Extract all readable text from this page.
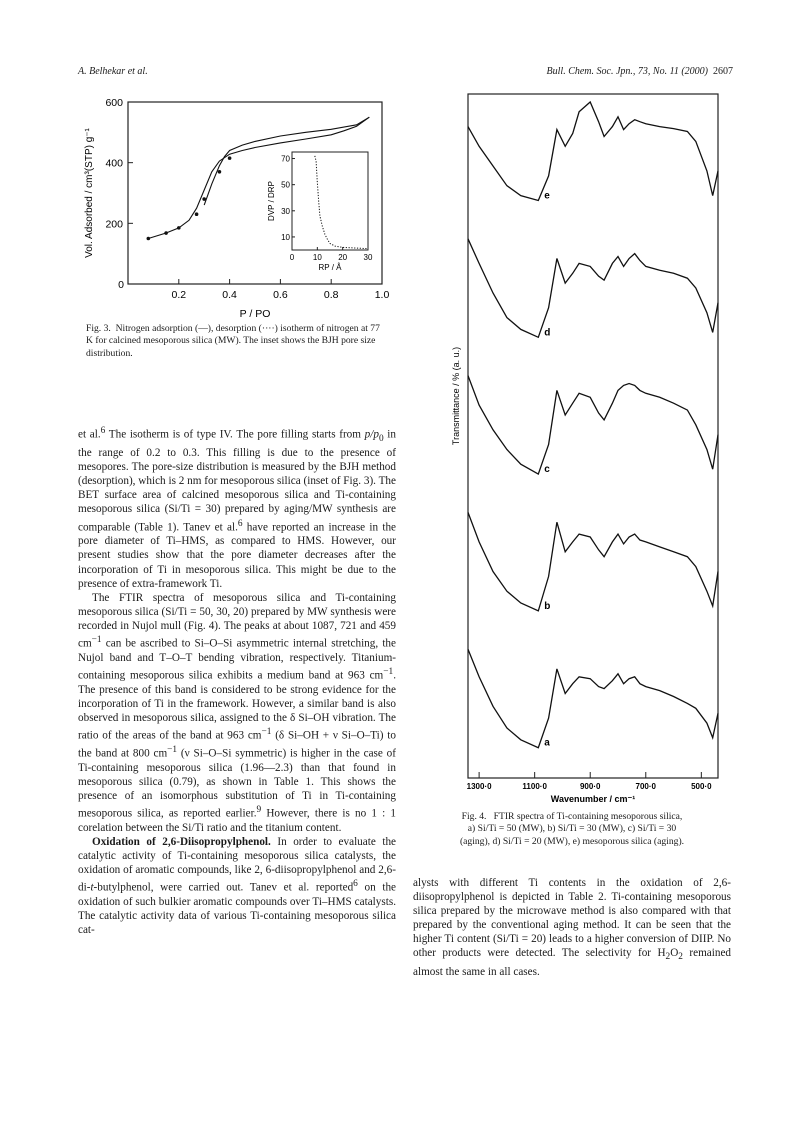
A. Belhekar et al.	Bull. Chem. Soc. Jpn., 73, No. 11 (2000) 2607
0.2	0.4	0.6	0.8	1.0
200
400
600
0
P / PO
Vol. Adsorbed / cm³(STP) g⁻¹	0 10 20 30
10
30
50
70
RP / Å
DVP / DRP
Fig. 3. Nitrogen adsorption (—), desorption (····) isotherm of nitrogen at 77 K for calcined mesoporous silica (MW). The inset shows the BJH pore size distribution.
1300·0	1100·0	900·0	700·0	500·0
Wavenumber / cm⁻¹
Transmittance / % (a. u.)
e
d
c
b
a
Fig. 4. FTIR spectra of Ti-containing mesoporous silica,
a) Si/Ti = 50 (MW), b) Si/Ti = 30 (MW), c) Si/Ti = 30
(aging), d) Si/Ti = 20 (MW), e) mesoporous silica (aging).

et al.$^6$ The isotherm is of type IV. The pore filling starts from $p/p_0$ in the range of 0.2 to 0.3. This filling is due to the presence of mesopores. The pore-size distribution is measured by the BJH method (desorption), which is 2 nm for mesoporous silica (inset of Fig. 3). The BET surface area of calcined mesoporous silica and Ti-containing mesoporous silica (Si/Ti = 30) prepared by aging/MW synthesis are comparable (Table 1). Tanev et al.$^6$ have reported an increase in the pore diameter of Ti–HMS, as compared to HMS. However, our present studies show that the pore diameter decreases after the incorporation of Ti in mesoporous silica. This might be due to the presence of extra-framework Ti.

The FTIR spectra of mesoporous silica and Ti-containing mesoporous silica (Si/Ti = 50, 30, 20) prepared by MW synthesis were recorded in Nujol mull (Fig. 4). The peaks at about 1087, 721 and 459 $cm^{-1}$ can be ascribed to Si–O–Si asymmetric internal stretching, the Nujol band and T–O–T bending vibration, respectively. Titanium-containing mesoporous silica exhibits a medium band at 963 $cm^{-1}$. The presence of this band is considered to be strong evidence for the incorporation of Ti in the framework. However, a similar band is also observed in mesoporous silica, assigned to the δ Si–OH vibration. The ratio of the areas of the band at 963 $cm^{-1}$ (δ Si–OH + ν Si–O–Ti) to the band at 800 $cm^{-1}$ (ν Si–O–Si symmetric) is higher in the case of Ti-containing mesoporous silica (1.96—2.3) than that found in mesoporous silica (0.79), as shown in Table 1. This shows the presence of an isomorphous substitution of Ti in Ti-containing mesoporous silica, as reported earlier.$^9$ However, there is no 1 : 1 corelation between the Si/Ti ratio and the titanium content.

Oxidation of 2,6-Diisopropylphenol. In order to evaluate the catalytic activity of Ti-containing mesoporous silica catalysts, the oxidation of aromatic compounds, like 2, 6-diisopropylphenol and 2,6-di-t-butylphenol, were carried out. Tanev et al. reported$^6$ on the oxidation of such bulkier aromatic compounds over Ti–HMS catalysts. The catalytic activity data of various Ti-containing mesoporous silica cat-

alysts with different Ti contents in the oxidation of 2,6-diisopropylphenol is depicted in Table 2. Ti-containing mesoporous silica prepared by the microwave method is also compared with that prepared by the conventional aging method. It can be seen that the higher Ti content (Si/Ti = 20) leads to a higher conversion of DIIP. No other products were detected. The selectivity for $H_2O_2$ remained almost the same in all cases.
